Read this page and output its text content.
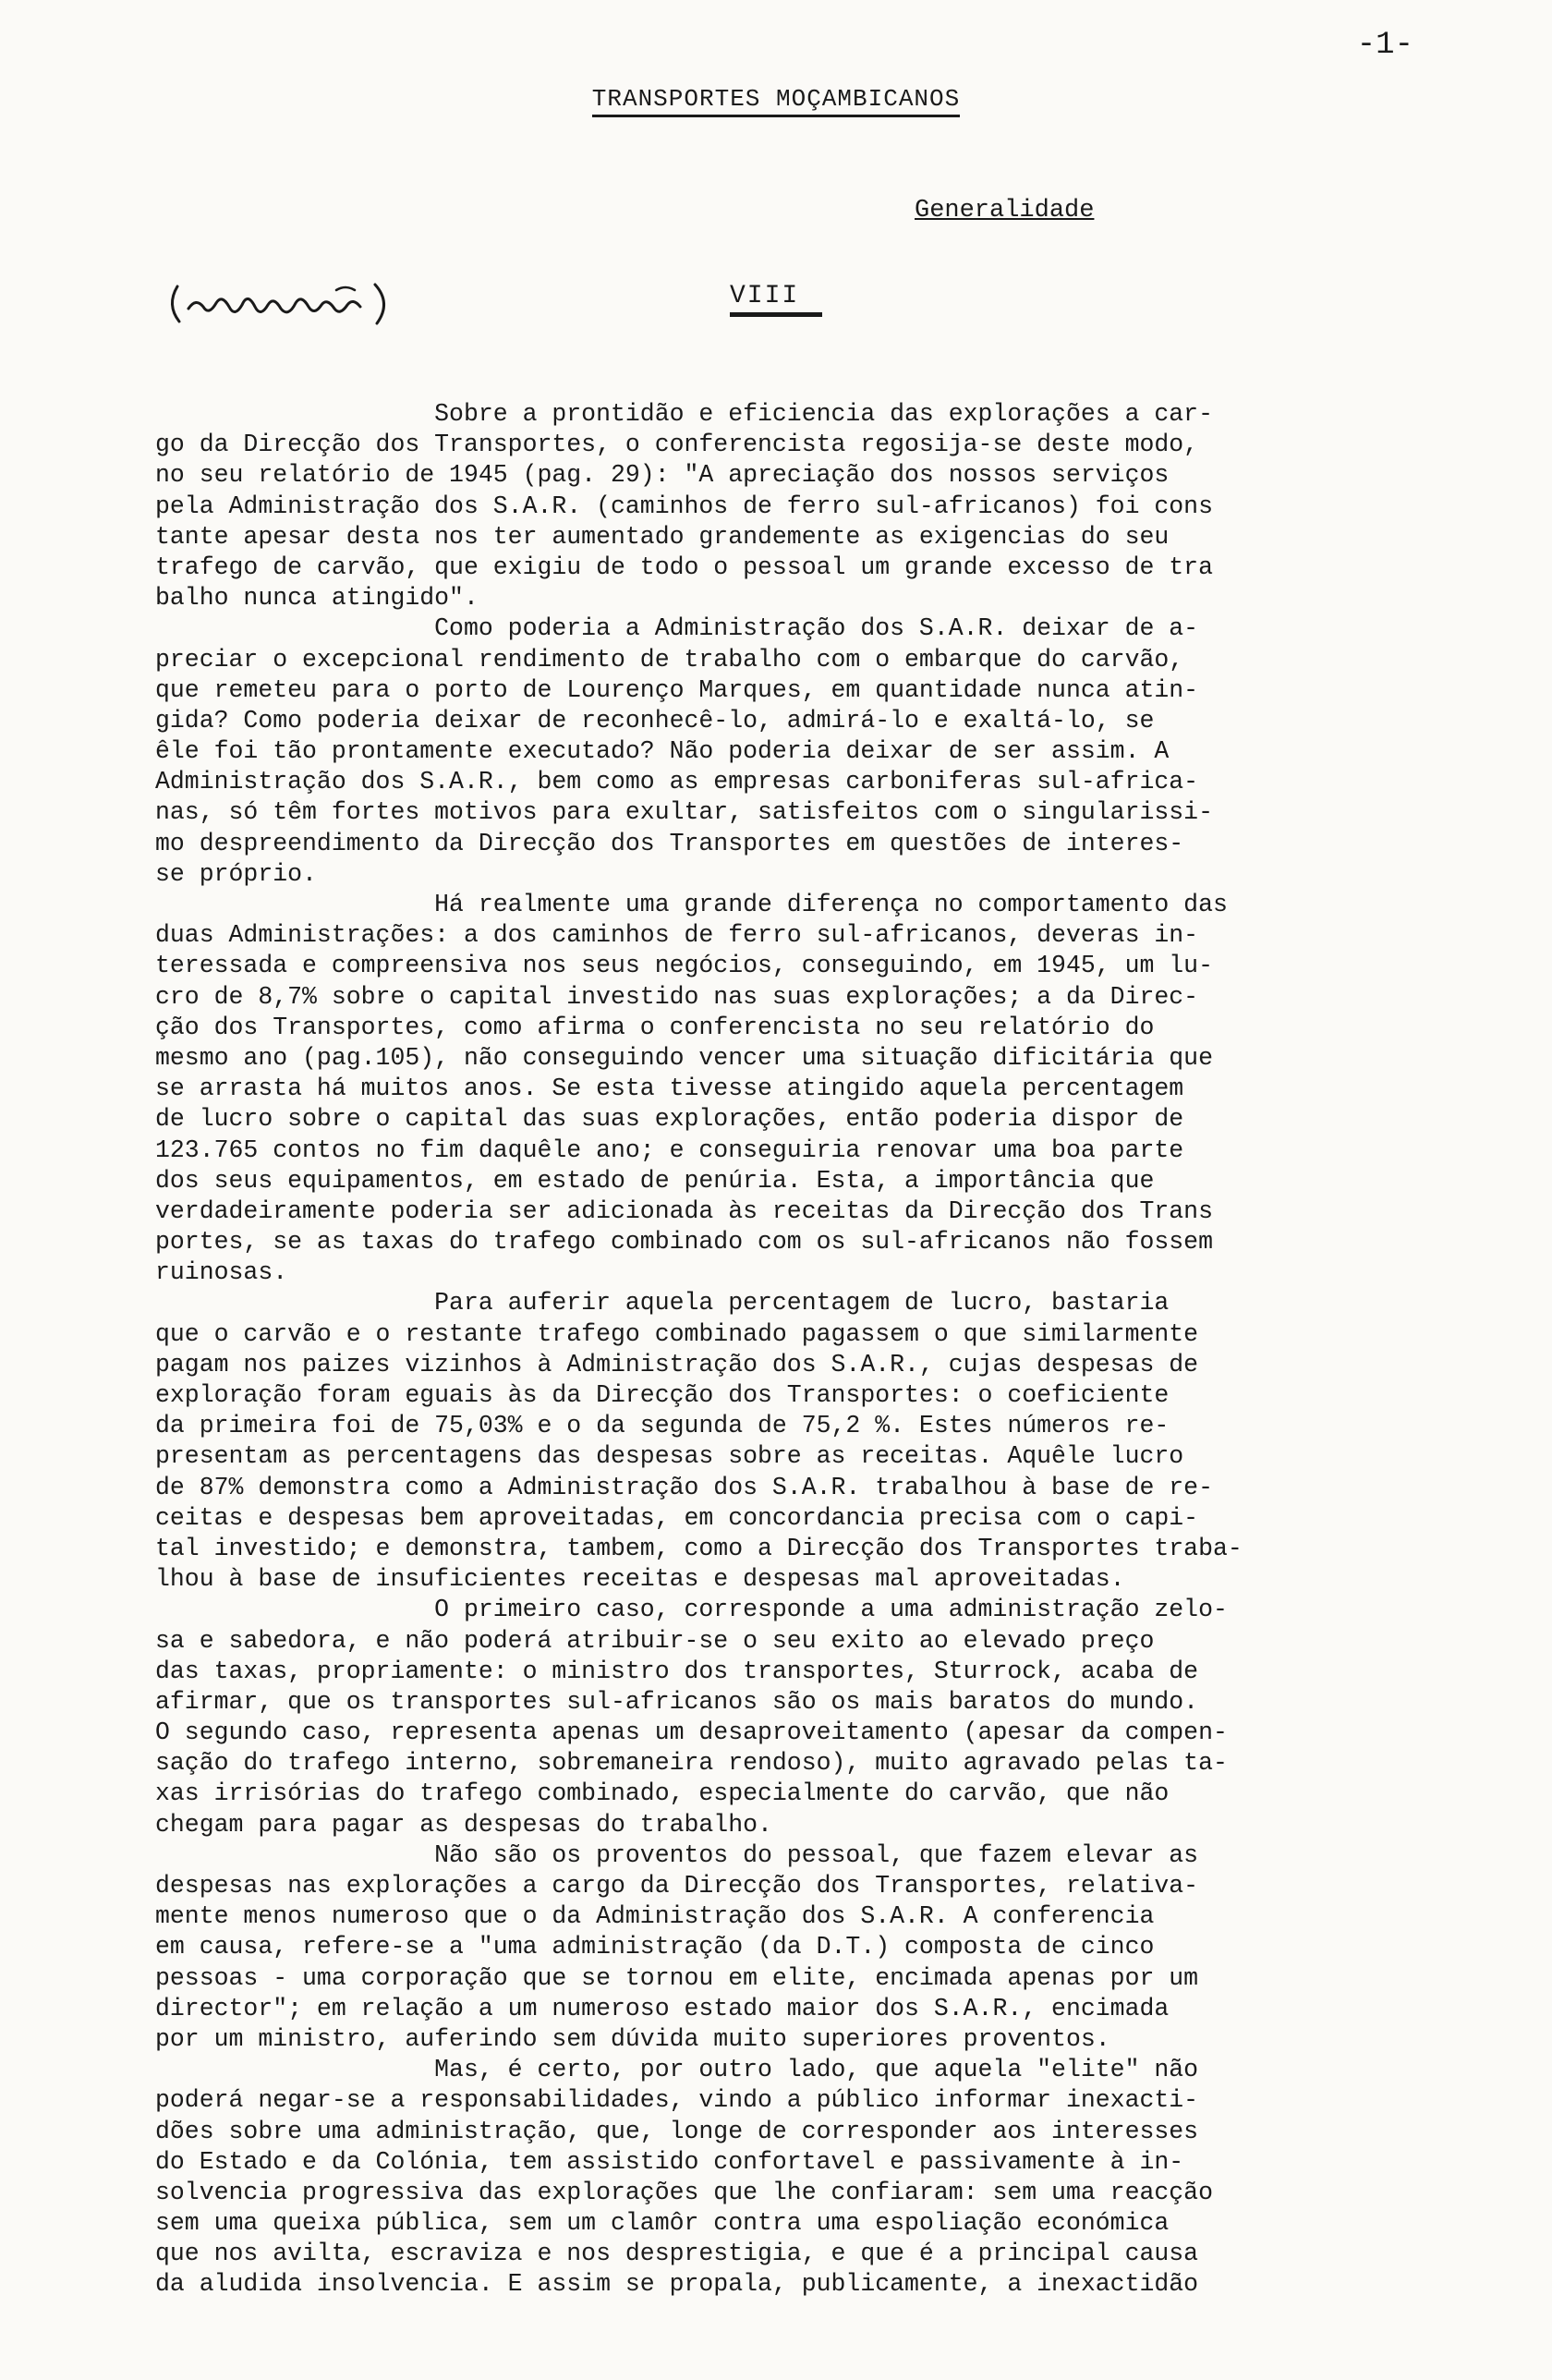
-1-
TRANSPORTES MOÇAMBICANOS
Generalidade
VIII
Sobre a prontidão e eficiencia das explorações a car-
go da Direcção dos Transportes, o conferencista regosija-se deste modo,
no seu relatório de 1945 (pag. 29): "A apreciação dos nossos serviços
pela Administração dos S.A.R. (caminhos de ferro sul-africanos) foi cons
tante apesar desta nos ter aumentado grandemente as exigencias do seu
trafego de carvão, que exigiu de todo o pessoal um grande excesso de tra
balho nunca atingido".
Como poderia a Administração dos S.A.R. deixar de a-
preciar o excepcional rendimento de trabalho com o embarque do carvão,
que remeteu para o porto de Lourenço Marques, em quantidade nunca atin-
gida? Como poderia deixar de reconhecê-lo, admirá-lo e exaltá-lo, se
êle foi tão prontamente executado? Não poderia deixar de ser assim. A
Administração dos S.A.R., bem como as empresas carboniferas sul-africa-
nas, só têm fortes motivos para exultar, satisfeitos com o singularissi-
mo despreendimento da Direcção dos Transportes em questões de interes-
se próprio.
Há realmente uma grande diferença no comportamento das
duas Administrações: a dos caminhos de ferro sul-africanos, deveras in-
teressada e compreensiva nos seus negócios, conseguindo, em 1945, um lu-
cro de 8,7% sobre o capital investido nas suas explorações; a da Direc-
ção dos Transportes, como afirma o conferencista no seu relatório do
mesmo ano (pag.105), não conseguindo vencer uma situação dificitária que
se arrasta há muitos anos. Se esta tivesse atingido aquela percentagem
de lucro sobre o capital das suas explorações, então poderia dispor de
123.765 contos no fim daquêle ano; e conseguiria renovar uma boa parte
dos seus equipamentos, em estado de penúria. Esta, a importância que
verdadeiramente poderia ser adicionada às receitas da Direcção dos Trans
portes, se as taxas do trafego combinado com os sul-africanos não fossem
ruinosas.
Para auferir aquela percentagem de lucro, bastaria
que o carvão e o restante trafego combinado pagassem o que similarmente
pagam nos paizes vizinhos à Administração dos S.A.R., cujas despesas de
exploração foram eguais às da Direcção dos Transportes: o coeficiente
da primeira foi de 75,03% e o da segunda de 75,2 %. Estes números re-
presentam as percentagens das despesas sobre as receitas. Aquêle lucro
de 87% demonstra como a Administração dos S.A.R. trabalhou à base de re-
ceitas e despesas bem aproveitadas, em concordancia precisa com o capi-
tal investido; e demonstra, tambem, como a Direcção dos Transportes traba-
lhou à base de insuficientes receitas e despesas mal aproveitadas.
O primeiro caso, corresponde a uma administração zelo-
sa e sabedora, e não poderá atribuir-se o seu exito ao elevado preço
das taxas, propriamente: o ministro dos transportes, Sturrock, acaba de
afirmar, que os transportes sul-africanos são os mais baratos do mundo.
O segundo caso, representa apenas um desaproveitamento (apesar da compen-
sação do trafego interno, sobremaneira rendoso), muito agravado pelas ta-
xas irrisórias do trafego combinado, especialmente do carvão, que não
chegam para pagar as despesas do trabalho.
Não são os proventos do pessoal, que fazem elevar as
despesas nas explorações a cargo da Direcção dos Transportes, relativa-
mente menos numeroso que o da Administração dos S.A.R. A conferencia
em causa, refere-se a "uma administração (da D.T.) composta de cinco
pessoas - uma corporação que se tornou em elite, encimada apenas por um
director"; em relação a um numeroso estado maior dos S.A.R., encimada
por um ministro, auferindo sem dúvida muito superiores proventos.
Mas, é certo, por outro lado, que aquela "elite" não
poderá negar-se a responsabilidades, vindo a público informar inexacti-
dões sobre uma administração, que, longe de corresponder aos interesses
do Estado e da Colónia, tem assistido confortavel e passivamente à in-
solvencia progressiva das explorações que lhe confiaram: sem uma reacção
sem uma queixa pública, sem um clamôr contra uma espoliação económica
que nos avilta, escraviza e nos desprestigia, e que é a principal causa
da aludida insolvencia. E assim se propala, publicamente, a inexactidão
